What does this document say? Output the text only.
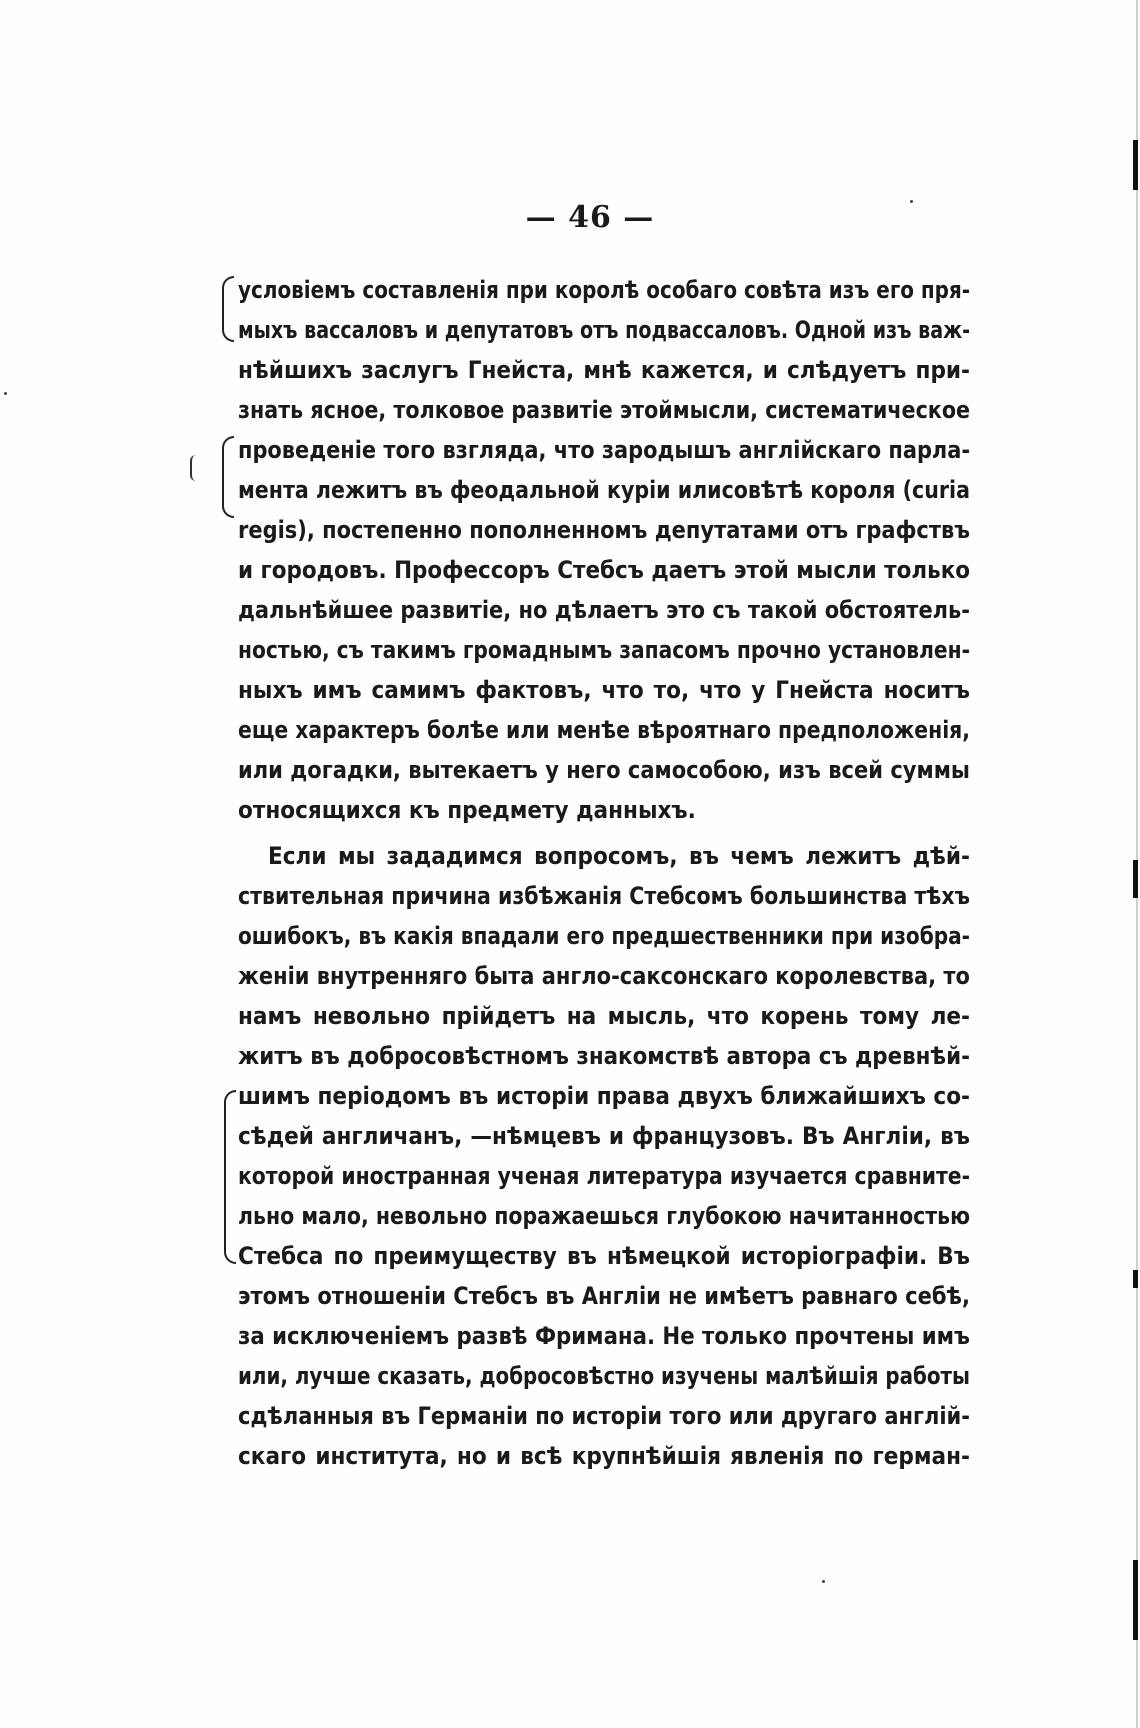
— 46 —
условіемъ составленія при королѣ особаго совѣта изъ его пря-
мыхъ вассаловъ и депутатовъ отъ подвассаловъ. Одной изъ важ-
нѣйшихъ заслугъ Гнейста, мнѣ кажется, и слѣдуетъ при-
знать ясное, толковое развитіе этоймысли, систематическое
проведеніе того взгляда, что зародышъ англійскаго парла-
мента лежитъ въ феодальной куріи илисовѣтѣ короля (curia
regis), постепенно пополненномъ депутатами отъ графствъ
и городовъ. Профессоръ Стебсъ даетъ этой мысли только
дальнѣйшее развитіе, но дѣлаетъ это съ такой обстоятель-
ностью, съ такимъ громаднымъ запасомъ прочно установлен-
ныхъ имъ самимъ фактовъ, что то, что у Гнейста носитъ
еще характеръ болѣе или менѣе вѣроятнаго предположенія,
или догадки, вытекаетъ у него самособою, изъ всей суммы
относящихся къ предмету данныхъ.
Если мы зададимся вопросомъ, въ чемъ лежитъ дѣй-
ствительная причина избѣжанія Стебсомъ большинства тѣхъ
ошибокъ, въ какія впадали его предшественники при изобра-
женіи внутренняго быта англо-саксонскаго королевства, то
намъ невольно прійдетъ на мысль, что корень тому ле-
житъ въ добросовѣстномъ знакомствѣ автора съ древнѣй-
шимъ періодомъ въ исторіи права двухъ ближайшихъ со-
сѣдей англичанъ, —нѣмцевъ и французовъ. Въ Англіи, въ
которой иностранная ученая литература изучается сравните-
льно мало, невольно поражаешься глубокою начитанностью
Стебса по преимуществу въ нѣмецкой исторіографіи. Въ
этомъ отношеніи Стебсъ въ Англіи не имѣетъ равнаго себѣ,
за исключеніемъ развѣ Фримана. Не только прочтены имъ
или, лучше сказать, добросовѣстно изучены малѣйшія работы
сдѣланныя въ Германіи по исторіи того или другаго англій-
скаго института, но и всѣ крупнѣйшія явленія по герман-
